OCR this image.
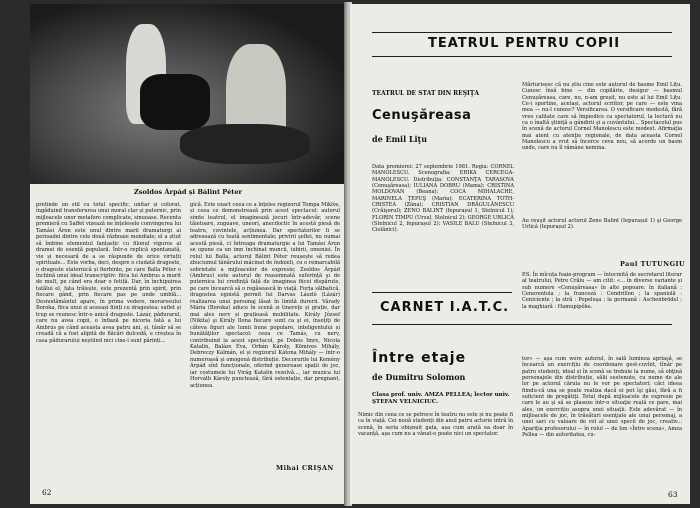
Zsoldos Árpád și Bálint Péter
pretinde un stil cu totul specific, unitar și colorat, îngăduind transferurea unui moral clar și puternic, prin mijloacele unor metafore complicate, sinuoase. Recenta premieră cu Saffet vizează ne înțelesele convingerea lui Tamási Áron este unul dintre marii dramaturgi ai perioadei dintre cele două războaie mondiale; el a știut să îmbine elementul fantastic cu filonul viguros al dramei de esență populară. Într-o replică spontanată, vie și necesară de a se răspunde de orice virtuții spirituale... Este vorba, deci, despre o ciudată dragoste, o dragoste statornică și fierbinte, pe care Balla Péter o închină unui ideal transcriptiv: fiica lui Ambrus a murit de mult, pe când era doar o fetiță. Dar, în închipuirea tatălui el, fata trăiește, este prezentă prin spirit, prin fiecare gând, prin fiecare pas pe unde umblă... Desnodământul apare, în prima vedere, morarosului Boroka, fiica unui și aceeași ființi cu dragostea; suflet și trup se reunesc într-o unică dragoste. Lázár, pădurarul, care nu avea copii, o înfiază pe nicoria fată a lui Ambrus pe când aceasta avea patru ani, și, tânăr să se creadă că a fost alipită de flăcări dulcedă, e creștea în casa pădurarului neștiind nici cine-i sunt părinți...
gică. Este exact ceea ce a înțeles regizorul Tompa Miklós, și ceea ce demonstrează prin acest spectacol: autorul simte teatrul, el imaginează jocuri într-adevăr, scene tăietoare, zuguave, uneori, anecdoctic în acestă piesă de teatru, cuvintele, acțiunea. Dar spectatorilor li se adresează cu toată sentimentale; privirii şeflei, nu numai acestă piesă, ci întreaga dramaturgie a lui Tamási Áron se opune ca un imn închinat muncii, iubirii, omeniei. În rolul lui Balla, actorul Bálint Péter reușește să redea zbuciumul tânărului mâcinat de îndoieli, cu o remarcabilă sobrietate a mijloacelor de expresie; Zsoldos Árpád (Ambrus) este autorul de reasemnată suferinţă şi de puternica lui credință față de imaginea fiicei dispărute, pe care încearcă să o regăsească în viaţă. Forța sălbatică, dragostea egoistă permit lui Darvas László (Lázár) realizarea unui personaj lăsat în limită durerii. Várady Mária (Boroka) aduce în scenă și tinereţe și grație, dar mai ales nerv și grațioasă mobilitate. Király József (Nikita) şi Király Ilona fiecare sunt ca şi ei, însoțiți de câteva figuri ale lumii bune populare, inteligentului și bunătăţilor spectacol: ceea ce Tamás, cu nerv, contribuind la acest spectacol, pe Dobos Imre, Nicola Katalin, Balázs Éva, Orbán Károly, Kömives Mihály, Debreczy Kálmán, el și regizorul Kátona Mihály — într-o numeroasă şi omogenă distribuție. Decorurile lui Kemény Árpád sînt funcționale, oferind generoase spații de joc, iar costumele lui Virág Katalin rezolvă..., iar muzica lui Horváth Károly punctează, fără ostentație, dar pregnant, acțiunea.
Mihai CRIŞAN
62
TEATRUL PENTRU COPII
TEATRUL DE STAT DIN REŞIŢA
Cenuşăreasa
de Emil Liţu
Data premierei: 27 septembrie 1981. Regia: CORNEL MANOLESCU. Scenografia: ERIKA CERCEGA-MANOLESCU. Distribuţia: CONSTANŢA TARASOVA (Cenuşăreasa); IULIANA DOBRU (Mama); CRISTINA MOLDOVAN (Beana); COCA MIHALACHE, MARINELA ŢEPUŞ (Maria); ECATERINA TOTH-CRISTEA (Zâna); CRISTIAN DRĂGULĂNESCU (Crăişorul); ZENO BALINT (fepurașul 1, Stelnicul 1); FLORIN TIMPU (Ursul, Stelnicul 2); GEORGE URLICĂ (Stelnicul 2, fepurașul 2); VASILE BALU (Stelnicul 3, Ciolănici).
Mărturisesc că nu știu cine este autorul de basme Emil Lițu. Cunosc însă bine — din copilărie, desigur — basmul Cenușăreasa, care, nu, n-am greșit, nu este al lui Emil Lițu. Ce-i sportine, același, actorul scriitor, pe care — este vina mea — nu-l cunosc? Versificarea. O versificare modestă, fără vreo calitate care să împiedice ca spectatorul, la lectură nu ca o înaltă ştiinţă a gândirii şi a cuvântului... Spectacolul pus în scenă de actorul Cornel Manolescu este modest. Afirmaţia mai atent cu atenţie regionale, de data aceasta Cornel Manolescu a vrut să încerce ceva nou, să acorde un basm unde, care nu îl rămâne nemina.
Au reuşit actorul actorul Zeno Balint (Iepurașul 1) şi George Urlică (Iepurașul 2).
Paul TUTUNGIU
P.S. În mîcuța foaie-program — întocmită de secretarul literar al teatrului, Petre Crăiu — am citit: «... în diverse variante și sub numere «Cenușăreasa» în alte popoare: în italiană : Cenerentola ; la franceză : Cendrillon ; la spaniolă : Ceniciente ; la stră : Popeluşa ; la germană : Aschenbrödel ; la maghiară : Hamupipőke.
CARNET I.A.T.C.
Între etaje
de Dumitru Solomon
Clasa prof. univ. AMZA PELLEA; lector univ. ŞTEFAN VELNICIUC.
Nimic din ceea ce se petrece în teatru nu este și nu poate fi ca în viață. Cei nouă studenți din anul patru actorie intră în scenă, în seria obișnuit gata, așa cum arată ea doar în vacanță, așa cum nu a vânat-o poate nici un spectator.
tor» — așa cum were autorul, în sală luminea apriaşă, se încearcă un exercițiu de coordonare gest-cuvînt, tînăr pe patru studenți, ideal și în scenă se trebuie la nume, să obţină personajele din distribuție, sălii sustenute, cu nume de ale lor pe actorul căruia nu le vor pe spectatori; căci ideea fiindu-că una se poate realiza dacă ei pot îşi găsi, fără a fi suficient de pregătiţi. Totul după mijloacele de expresie pe care le au şi să se plaseze într-o situaţie reală ce pare, mai ales, un exercițiu asupra unei situaţii. Este adevărat — în mijloacele de joc, în trăsături esenţiale ale unui personaj, a unei sari cu valoare de rol al unei specii de joc, creativ... Apariţia profesorului — în rolul — de Ion «Între scena», Amza Pellea — din autoritatea, cu-
63
